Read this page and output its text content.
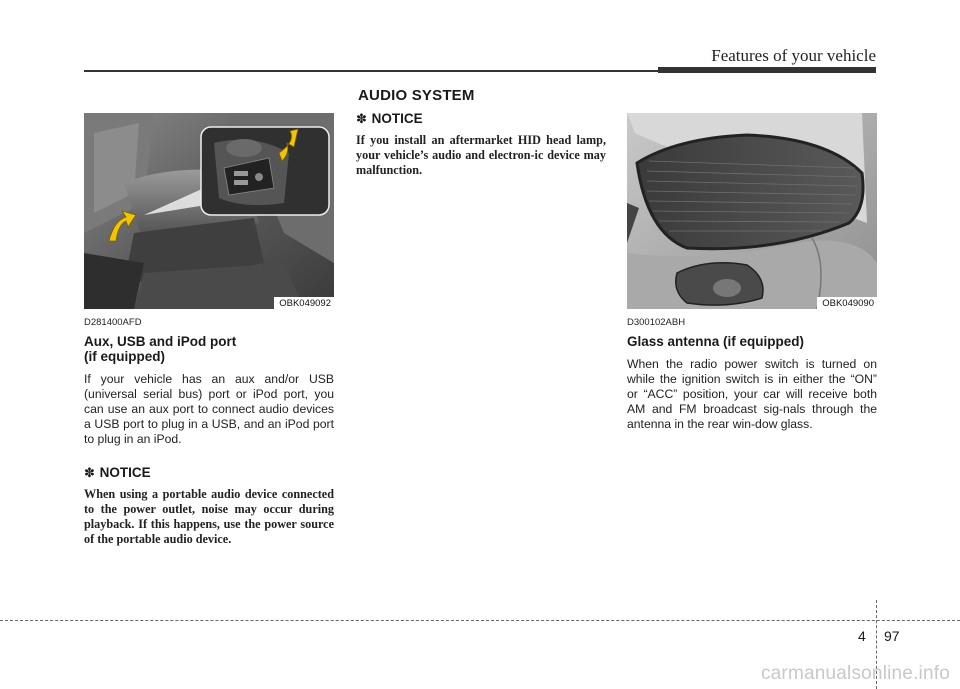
Features of your vehicle
AUDIO SYSTEM
OBK049092
D281400AFD
Aux, USB and iPod port
(if equipped)
If your vehicle has an aux and/or USB (universal serial bus) port or iPod port, you can use an aux port to connect audio devices a USB port to plug in a USB, and an iPod port to plug in an iPod.
✽ NOTICE
When using a portable audio device connected to the power outlet, noise may occur during playback. If this happens, use the power source of the portable audio device.
✽ NOTICE
If you install an aftermarket HID head lamp, your vehicle’s audio and electron-ic device may malfunction.
OBK049090
D300102ABH
Glass antenna (if equipped)
When the radio power switch is turned on while the ignition switch is in either the “ON” or “ACC” position, your car will receive both AM and FM broadcast sig-nals through the antenna in the rear win-dow glass.
4 97
carmanualsonline.info
